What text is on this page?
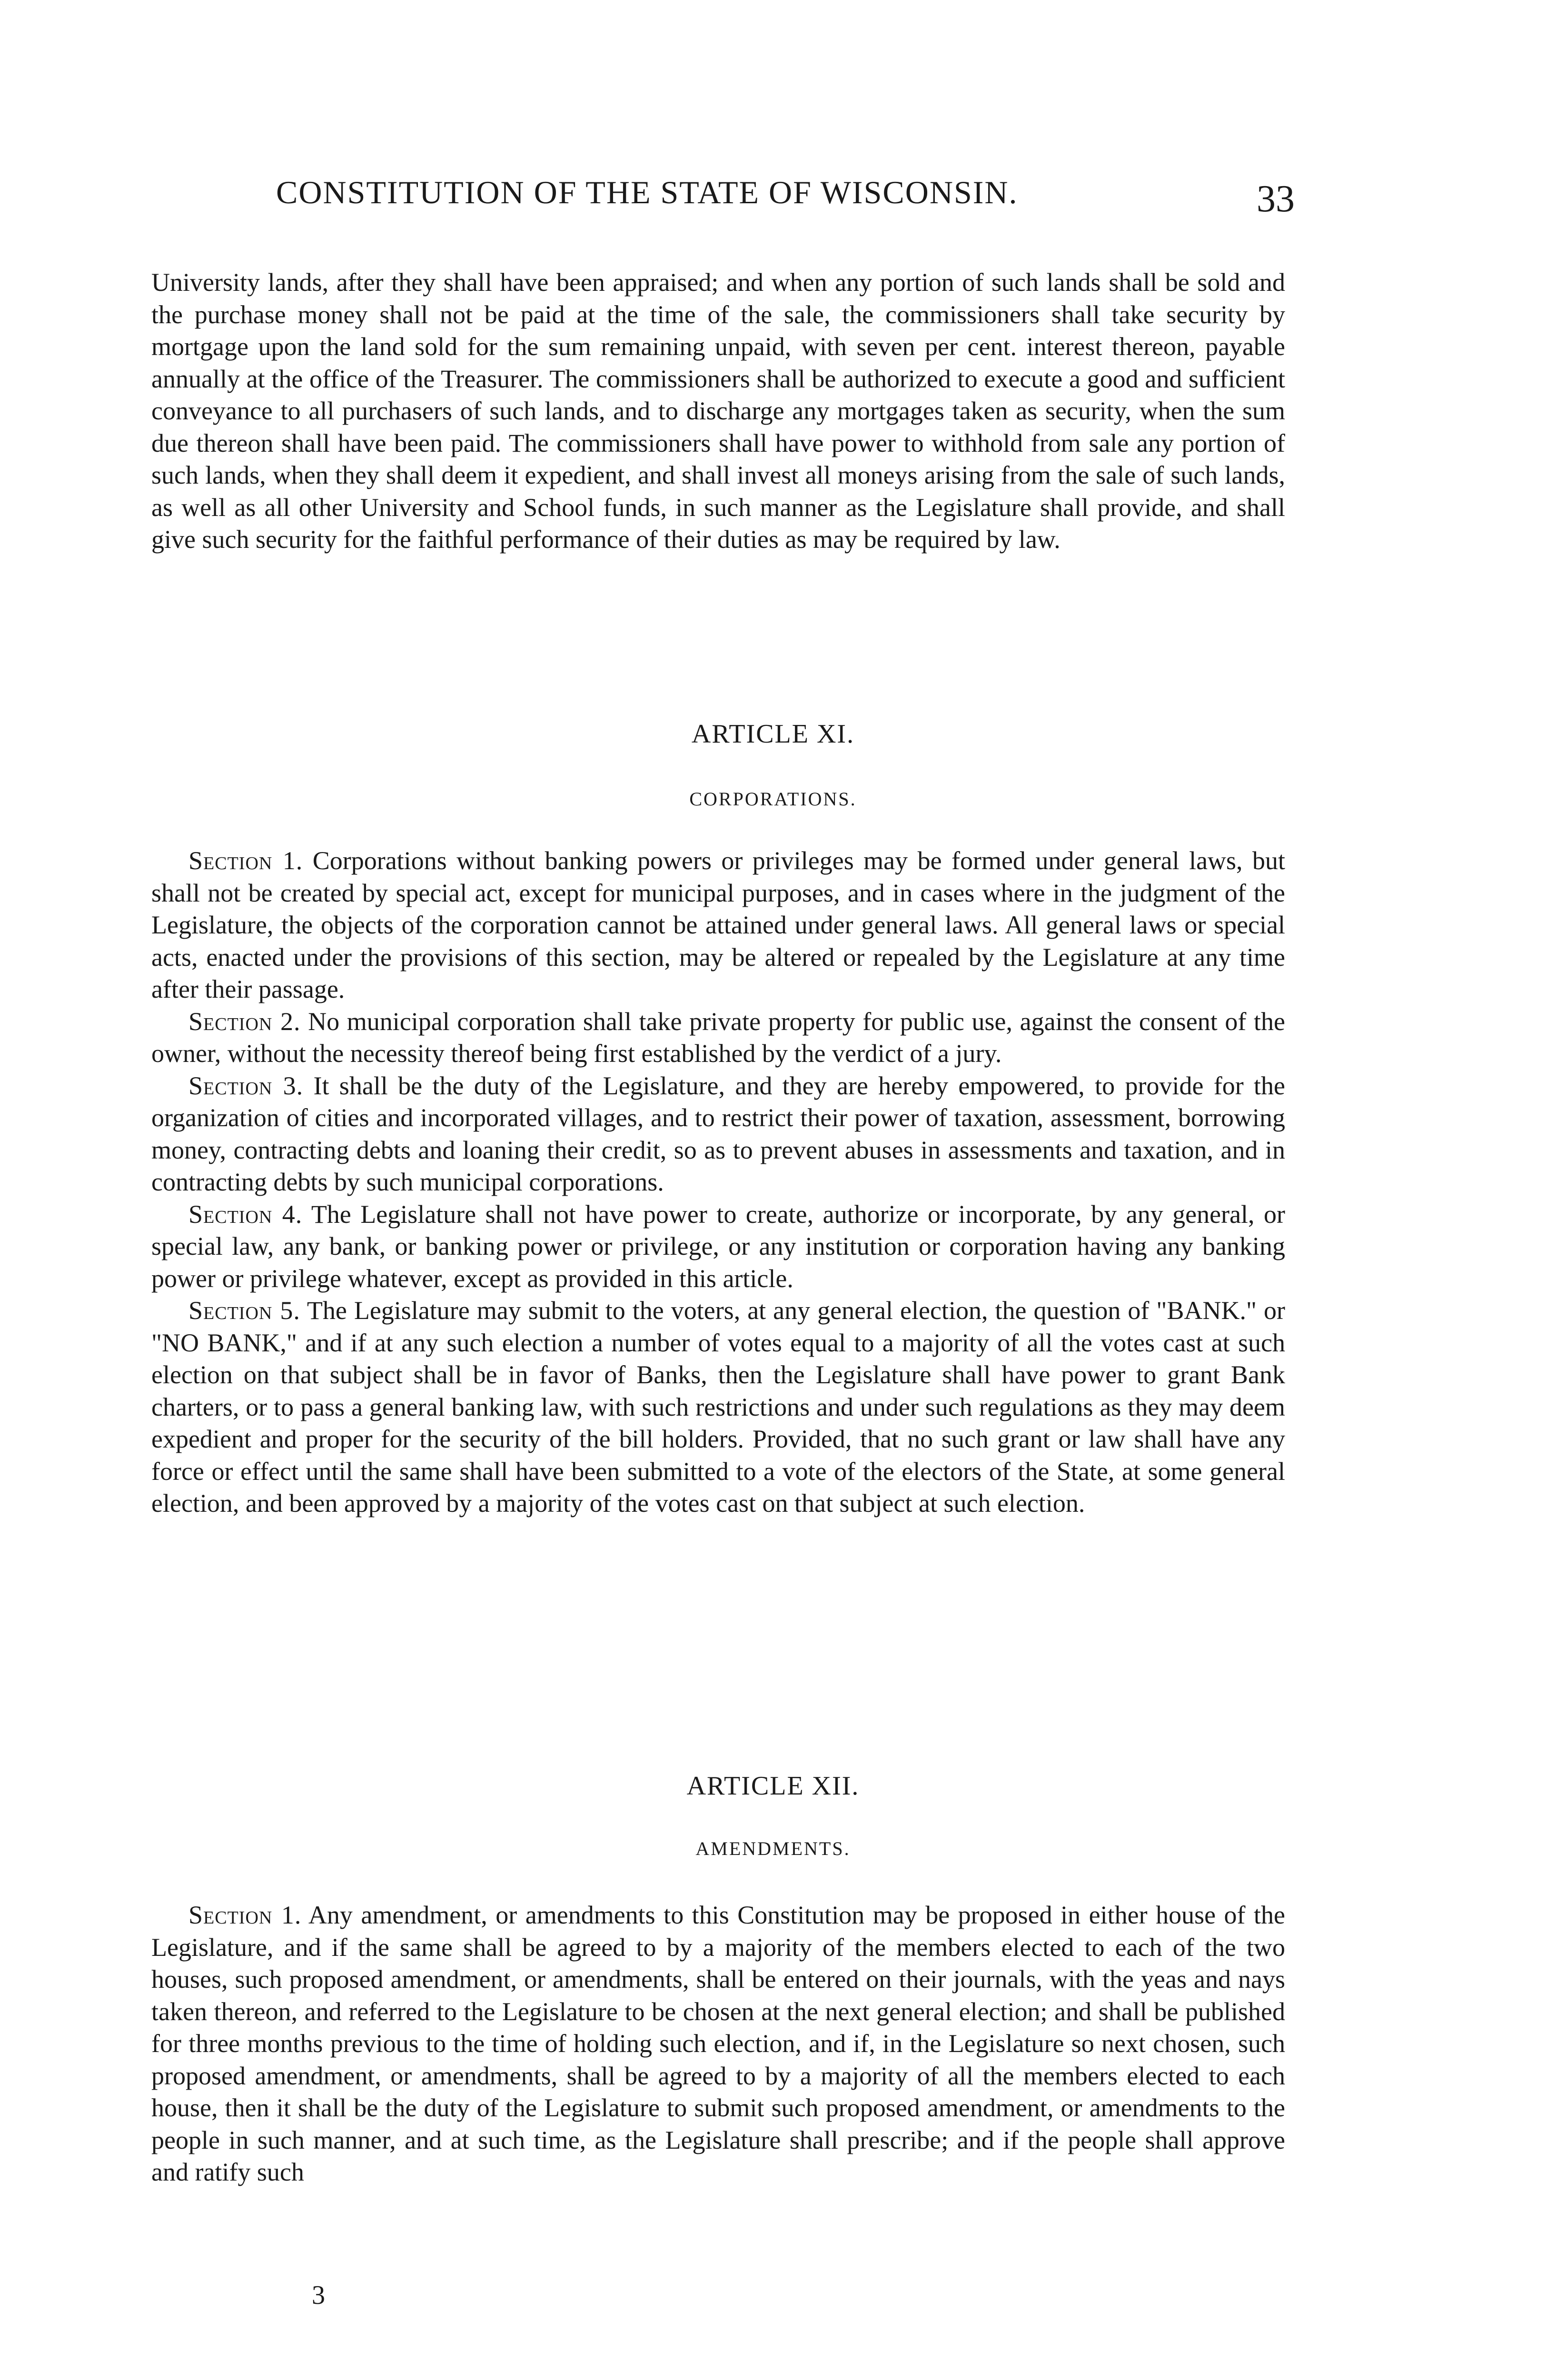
CONSTITUTION OF THE STATE OF WISCONSIN.	33

University lands, after they shall have been appraised; and when any portion of such lands shall be sold and the purchase money shall not be paid at the time of the sale, the commissioners shall take security by mortgage upon the land sold for the sum remaining unpaid, with seven per cent. interest thereon, payable annually at the office of the Treasurer. The commissioners shall be authorized to execute a good and sufficient conveyance to all purchasers of such lands, and to discharge any mortgages taken as security, when the sum due thereon shall have been paid. The commissioners shall have power to withhold from sale any portion of such lands, when they shall deem it expedient, and shall invest all moneys arising from the sale of such lands, as well as all other University and School funds, in such manner as the Legislature shall provide, and shall give such security for the faithful performance of their duties as may be required by law.

ARTICLE XI.
CORPORATIONS.

Section 1. Corporations without banking powers or privileges may be formed under general laws, but shall not be created by special act, except for municipal purposes, and in cases where in the judgment of the Legislature, the objects of the corporation cannot be attained under general laws. All general laws or special acts, enacted under the provisions of this section, may be altered or repealed by the Legislature at any time after their passage.

Section 2. No municipal corporation shall take private property for public use, against the consent of the owner, without the necessity thereof being first established by the verdict of a jury.

Section 3. It shall be the duty of the Legislature, and they are hereby empowered, to provide for the organization of cities and incorporated villages, and to restrict their power of taxation, assessment, borrowing money, contracting debts and loaning their credit, so as to prevent abuses in assessments and taxation, and in contracting debts by such municipal corporations.

Section 4. The Legislature shall not have power to create, authorize or incorporate, by any general, or special law, any bank, or banking power or privilege, or any institution or corporation having any banking power or privilege whatever, except as provided in this article.

Section 5. The Legislature may submit to the voters, at any general election, the question of "BANK." or "NO BANK," and if at any such election a number of votes equal to a majority of all the votes cast at such election on that subject shall be in favor of Banks, then the Legislature shall have power to grant Bank charters, or to pass a general banking law, with such restrictions and under such regulations as they may deem expedient and proper for the security of the bill holders. Provided, that no such grant or law shall have any force or effect until the same shall have been submitted to a vote of the electors of the State, at some general election, and been approved by a majority of the votes cast on that subject at such election.

ARTICLE XII.
AMENDMENTS.

Section 1. Any amendment, or amendments to this Constitution may be proposed in either house of the Legislature, and if the same shall be agreed to by a majority of the members elected to each of the two houses, such proposed amendment, or amendments, shall be entered on their journals, with the yeas and nays taken thereon, and referred to the Legislature to be chosen at the next general election; and shall be published for three months previous to the time of holding such election, and if, in the Legislature so next chosen, such proposed amendment, or amendments, shall be agreed to by a majority of all the members elected to each house, then it shall be the duty of the Legislature to submit such proposed amendment, or amendments to the people in such manner, and at such time, as the Legislature shall prescribe; and if the people shall approve and ratify such

3
